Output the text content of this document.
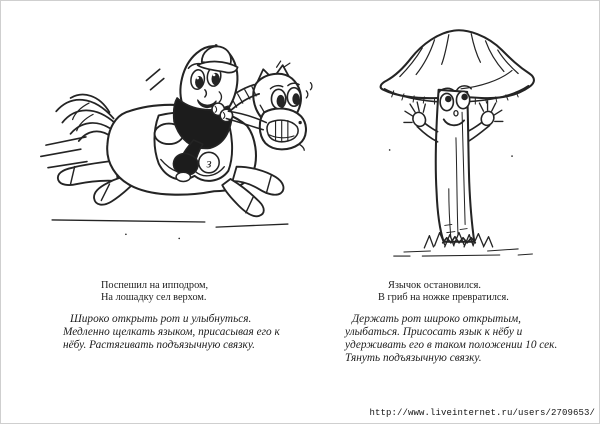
з
Поспешил на ипподром,
На лошадку сел верхом.
Широко открыть рот и улыбнуться.
Медленно щелкать языком, присасывая его к
нёбу. Растягивать подъязычную связку.
Язычок остановился.
В гриб на ножке превратился.
Держать рот широко открытым,
улыбаться. Присосать язык к нёбу и
удерживать его в таком положении 10 сек.
Тянуть подъязычную связку.
http://www.liveinternet.ru/users/2709653/
